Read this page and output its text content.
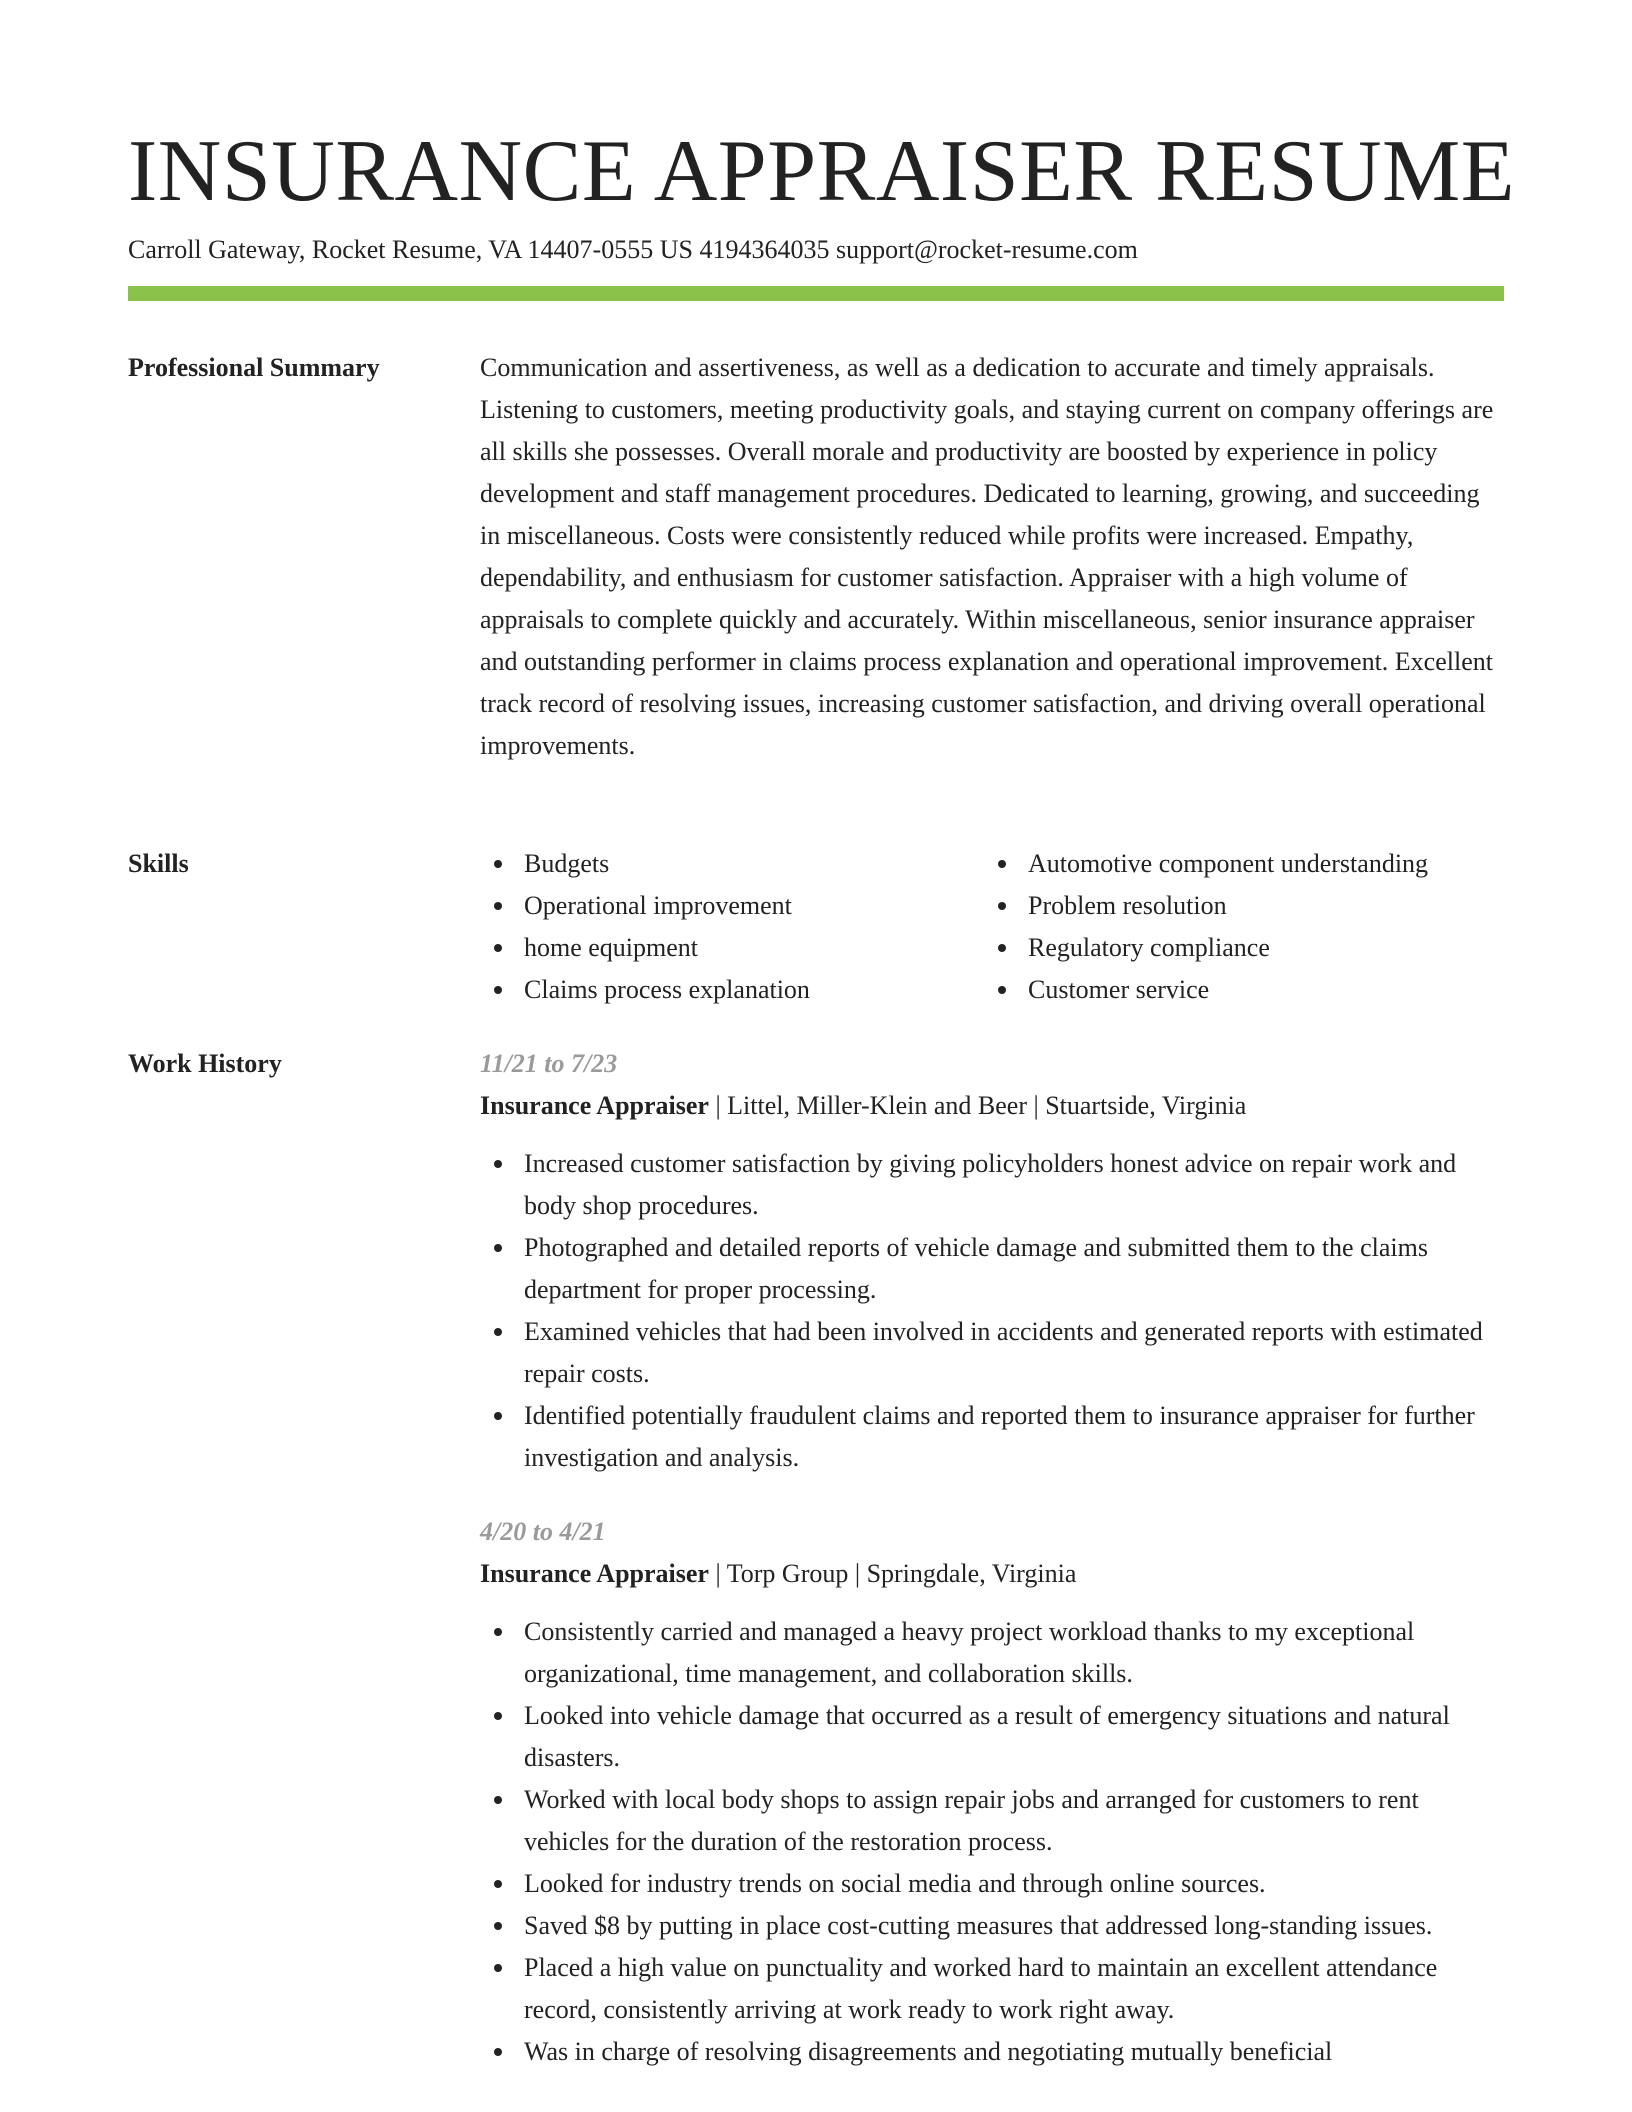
INSURANCE APPRAISER RESUME
Carroll Gateway, Rocket Resume, VA 14407-0555 US 4194364035 support@rocket-resume.com
Professional Summary	Communication and assertiveness, as well as a dedication to accurate and timely appraisals. Listening to customers, meeting productivity goals, and staying current on company offerings are all skills she possesses. Overall morale and productivity are boosted by experience in policy development and staff management procedures. Dedicated to learning, growing, and succeeding in miscellaneous. Costs were consistently reduced while profits were increased. Empathy, dependability, and enthusiasm for customer satisfaction. Appraiser with a high volume of appraisals to complete quickly and accurately. Within miscellaneous, senior insurance appraiser and outstanding performer in claims process explanation and operational improvement. Excellent track record of resolving issues, increasing customer satisfaction, and driving overall operational improvements.

Skills	Budgets
Operational improvement
home equipment
Claims process explanation
Automotive component understanding
Problem resolution
Regulatory compliance
Customer service
Work History	11/21 to 7/23
Insurance Appraiser | Littel, Miller-Klein and Beer | Stuartside, Virginia
Increased customer satisfaction by giving policyholders honest advice on repair work and body shop procedures.
Photographed and detailed reports of vehicle damage and submitted them to the claims department for proper processing.
Examined vehicles that had been involved in accidents and generated reports with estimated repair costs.
Identified potentially fraudulent claims and reported them to insurance appraiser for further investigation and analysis.
4/20 to 4/21
Insurance Appraiser | Torp Group | Springdale, Virginia
Consistently carried and managed a heavy project workload thanks to my exceptional organizational, time management, and collaboration skills.
Looked into vehicle damage that occurred as a result of emergency situations and natural disasters.
Worked with local body shops to assign repair jobs and arranged for customers to rent vehicles for the duration of the restoration process.
Looked for industry trends on social media and through online sources.
Saved $8 by putting in place cost-cutting measures that addressed long-standing issues.
Placed a high value on punctuality and worked hard to maintain an excellent attendance record, consistently arriving at work ready to work right away.
Was in charge of resolving disagreements and negotiating mutually beneficial
